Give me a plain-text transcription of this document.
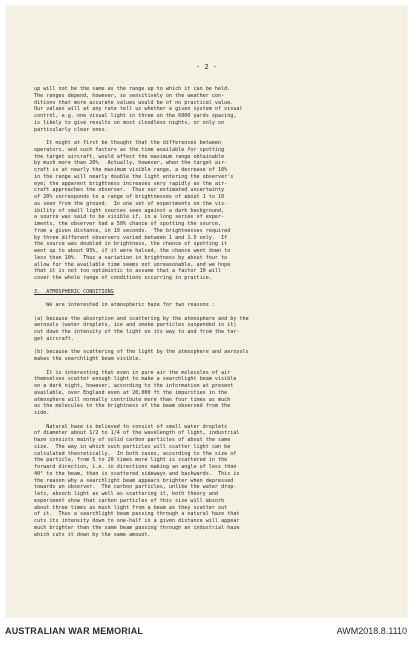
- 2 -
up will not be the same as the range up to which it can be held.
The ranges depend, however, so sensitively on the weather con-
ditions that more accurate values would be of no practical value.
Our values will at any rate tell us whether a given system of visual
control, e.g. one visual light in three on the 6000 yards spacing,
is likely to give results on most cloudless nights, or only on
particularly clear ones.
It might at first be thought that the differences between
operators, and such factors as the time available for spotting
the target aircraft, would affect the maximum range obtainable
by much more than 20%.  Actually, however, when the target air-
craft is at nearly the maximum visible range, a decrease of 10%
in the range will nearly double the light entering the observer's
eye; the apparent brightness increases very rapidly as the air-
craft approaches the observer.  Thus our estimated uncertainty
of 20% corresponds to a range of brightnesses of about 1 to 10
as seen from the ground.  In one set of experiments on the vis-
ibility of small light sources seen against a dark background,
a source was said to be visible if, in a long series of exper-
iments, the observer had a 50% chance of spotting the source,
from a given distance, in 10 seconds.  The brightnesses required
by three different observers varied between 1 and 1.5 only.  If
the source was doubled in brightness, the chance of spotting it
went up to about 95%, if it were halved, the chance went down to
less than 10%.  Thus a variation in brightness by about four to
allow for the available time seems not unreasonable, and we hope
that it is not too optimistic to assume that a factor 10 will
cover the whole range of conditions occurring in practice.
3.  ATMOSPHERIC CONDITIONS
We are interested in atmospheric haze for two reasons :
(a) because the absorption and scattering by the atmosphere and by the
aerosols (water droplets, ice and smoke particles suspended in it)
cut down the intensity of the light on its way to and from the tar-
get aircraft.
(b) because the scattering of the light by the atmosphere and aerosols
makes the searchlight beam visible.
It is interesting that even in pure air the molecules of air
themselves scatter enough light to make a searchlight beam visible
on a dark night, however, according to the information at present
available, over England even at 20,000 ft the impurities in the
atmosphere will normally contribute more than four times as much
as the molecules to the brightness of the beam observed from the
side.
Natural haze is believed to consist of small water droplets
of diameter about 1/2 to 1/4 of the wavelength of light, industrial
haze consists mainly of solid carbon particles of about the same
size.  The way in which such particles will scatter light can be
calculated theoretically.  In both cases, according to the size of
the particle, from 5 to 20 times more light is scattered in the
forward direction, i.e. in directions making an angle of less than
40° to the beam, than is scattered sideways and backwards.  This is
the reason why a searchlight beam appears brighter when depressed
towards an observer.  The carbon particles, unlike the water drop-
lets, absorb light as well as scattering it, both theory and
experiment show that carbon particles of this size will absorb
about three times as much light from a beam as they scatter out
of it.  Thus a searchlight beam passing through a natural haze that
cuts its intensity down to one-half in a given distance will appear
much brighter than the same beam passing through an industrial haze
which cuts it down by the same amount.
AUSTRALIAN WAR MEMORIAL	AWM2018.8.1110
